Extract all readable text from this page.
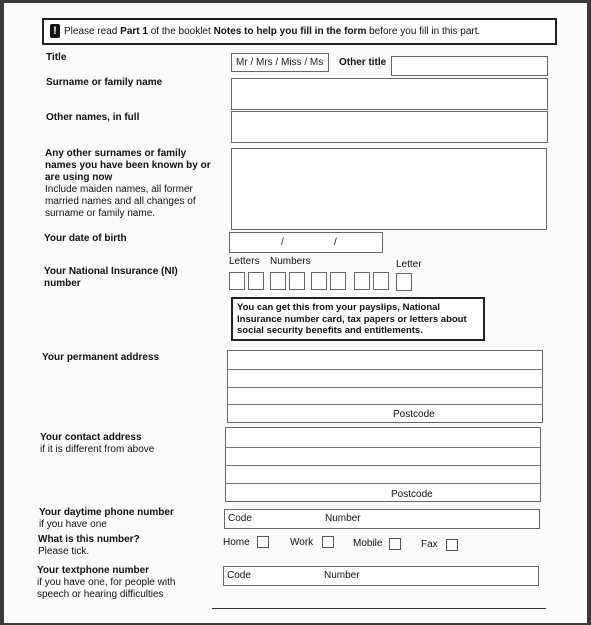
! Please read Part 1 of the booklet Notes to help you fill in the form before you fill in this part.
Title	Mr / Mrs / Miss / Ms Other title
Surname or family name
Other names, in full
Any other surnames or family
names you have been known by or
are using now
Include maiden names, all former
married names and all changes of
surname or family name.
Your date of birth	/	/
Your National Insurance (NI)
number
Letters Numbers	Letter
You can get this from your payslips, National
Insurance number card, tax papers or letters about
social security benefits and entitlements.
Your permanent address
Postcode
Your contact address
if it is different from above
Postcode
Your daytime phone number
if you have one
Code	Number
What is this number?
Please tick.
Home	Work	Mobile	Fax
Your textphone number
if you have one, for people with
speech or hearing difficulties
Code	Number
